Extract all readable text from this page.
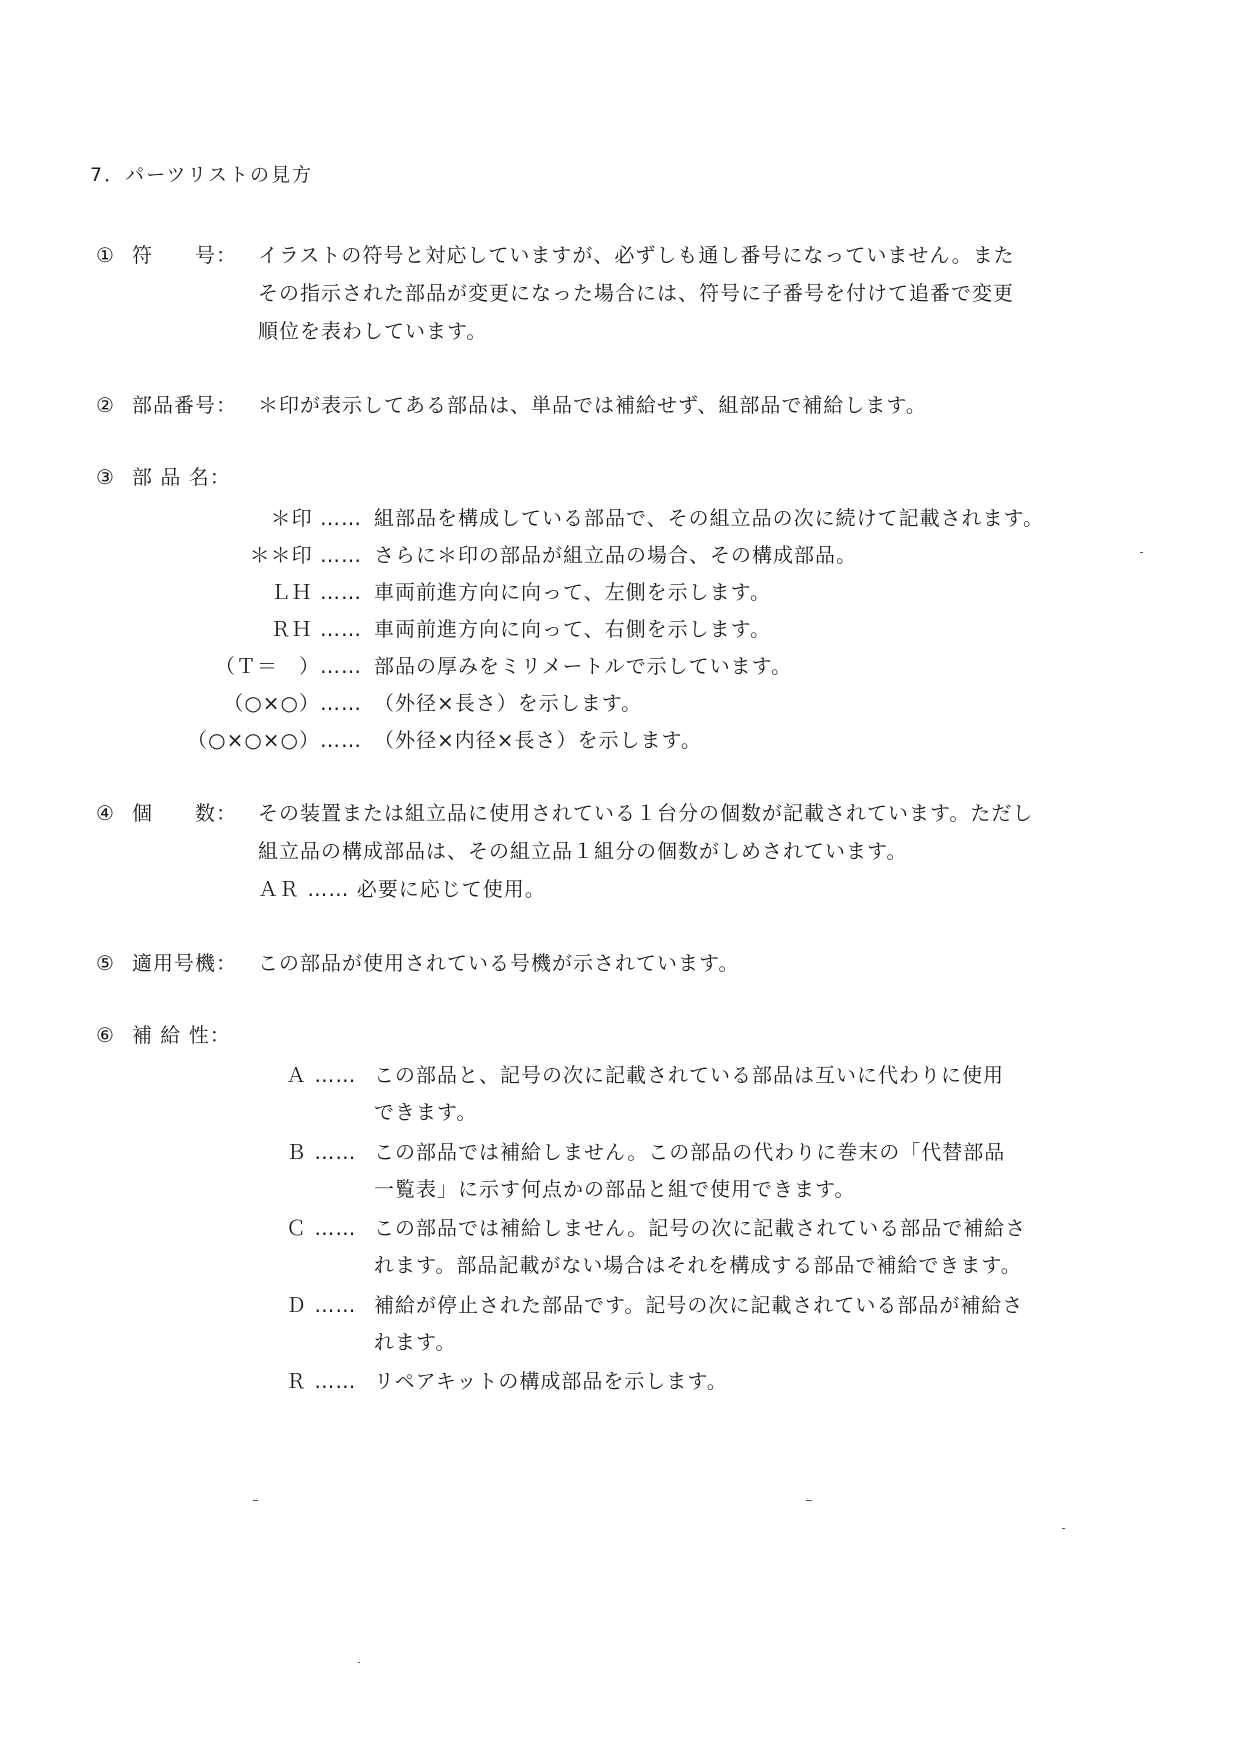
7．パーツリストの見方
① 符　　号： イラストの符号と対応していますが、必ずしも通し番号になっていません。また
その指示された部品が変更になった場合には、符号に子番号を付けて追番で変更
順位を表わしています。
② 部品番号： ＊印が表示してある部品は、単品では補給せず、組部品で補給します。
③ 部 品 名：
＊印 …… 組部品を構成している部品で、その組立品の次に続けて記載されます。
＊＊印 …… さらに＊印の部品が組立品の場合、その構成部品。
ＬＨ …… 車両前進方向に向って、左側を示します。
ＲＨ …… 車両前進方向に向って、右側を示します。
（Ｔ＝　）…… 部品の厚みをミリメートルで示しています。
（○×○）…… （外径×長さ）を示します。
（○×○×○）…… （外径×内径×長さ）を示します。
④ 個　　数： その装置または組立品に使用されている１台分の個数が記載されています。ただし
組立品の構成部品は、その組立品１組分の個数がしめされています。
ＡＲ …… 必要に応じて使用。
⑤ 適用号機： この部品が使用されている号機が示されています。
⑥ 補 給 性：
Ａ …… この部品と、記号の次に記載されている部品は互いに代わりに使用
できます。
Ｂ …… この部品では補給しません。この部品の代わりに巻末の「代替部品
一覧表」に示す何点かの部品と組で使用できます。
Ｃ …… この部品では補給しません。記号の次に記載されている部品で補給さ
れます。部品記載がない場合はそれを構成する部品で補給できます。
Ｄ …… 補給が停止された部品です。記号の次に記載されている部品が補給さ
れます。
Ｒ …… リペアキットの構成部品を示します。
